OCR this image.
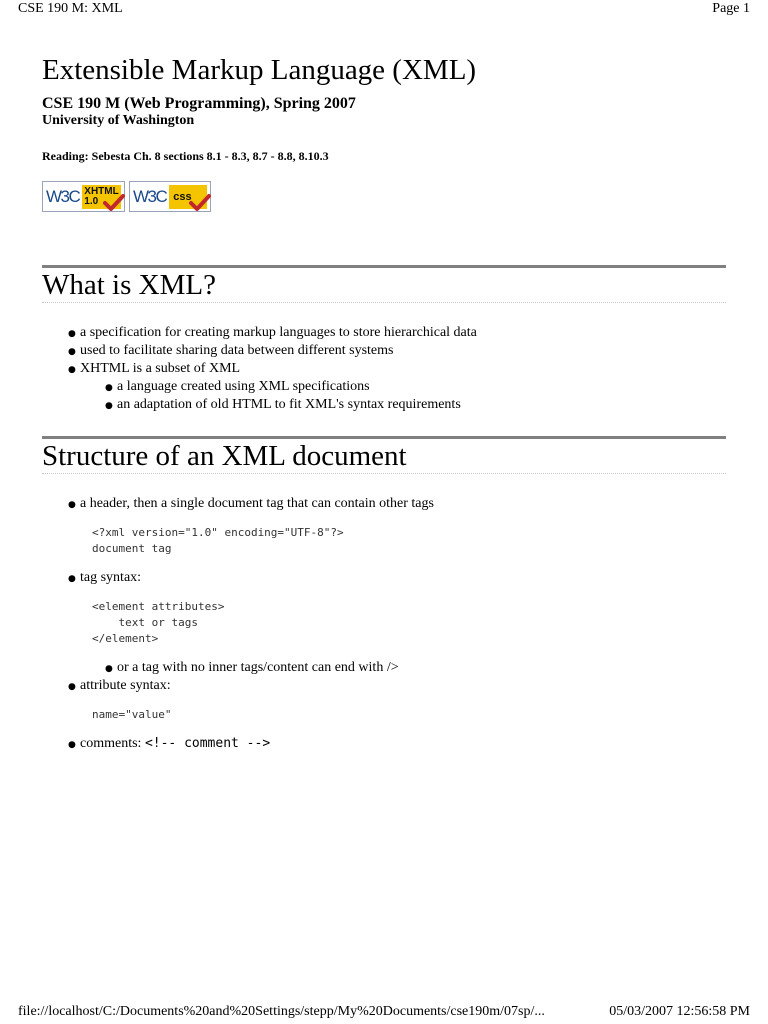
CSE 190 M: XML	Page 1
Extensible Markup Language (XML)
CSE 190 M (Web Programming), Spring 2007
University of Washington
Reading: Sebesta Ch. 8 sections 8.1 - 8.3, 8.7 - 8.8, 8.10.3
W3C XHTML
1.0	W3C css
What is XML?
● a specification for creating markup languages to store hierarchical data
● used to facilitate sharing data between different systems
● XHTML is a subset of XML
● a language created using XML specifications
● an adaptation of old HTML to fit XML's syntax requirements
Structure of an XML document
● a header, then a single document tag that can contain other tags
<?xml version="1.0" encoding="UTF-8"?>
document tag
● tag syntax:
<element attributes>
text or tags
</element>
● or a tag with no inner tags/content can end with />
● attribute syntax:
name="value"
● comments: <!-- comment -->
file://localhost/C:/Documents%20and%20Settings/stepp/My%20Documents/cse190m/07sp/...	05/03/2007 12:56:58 PM
